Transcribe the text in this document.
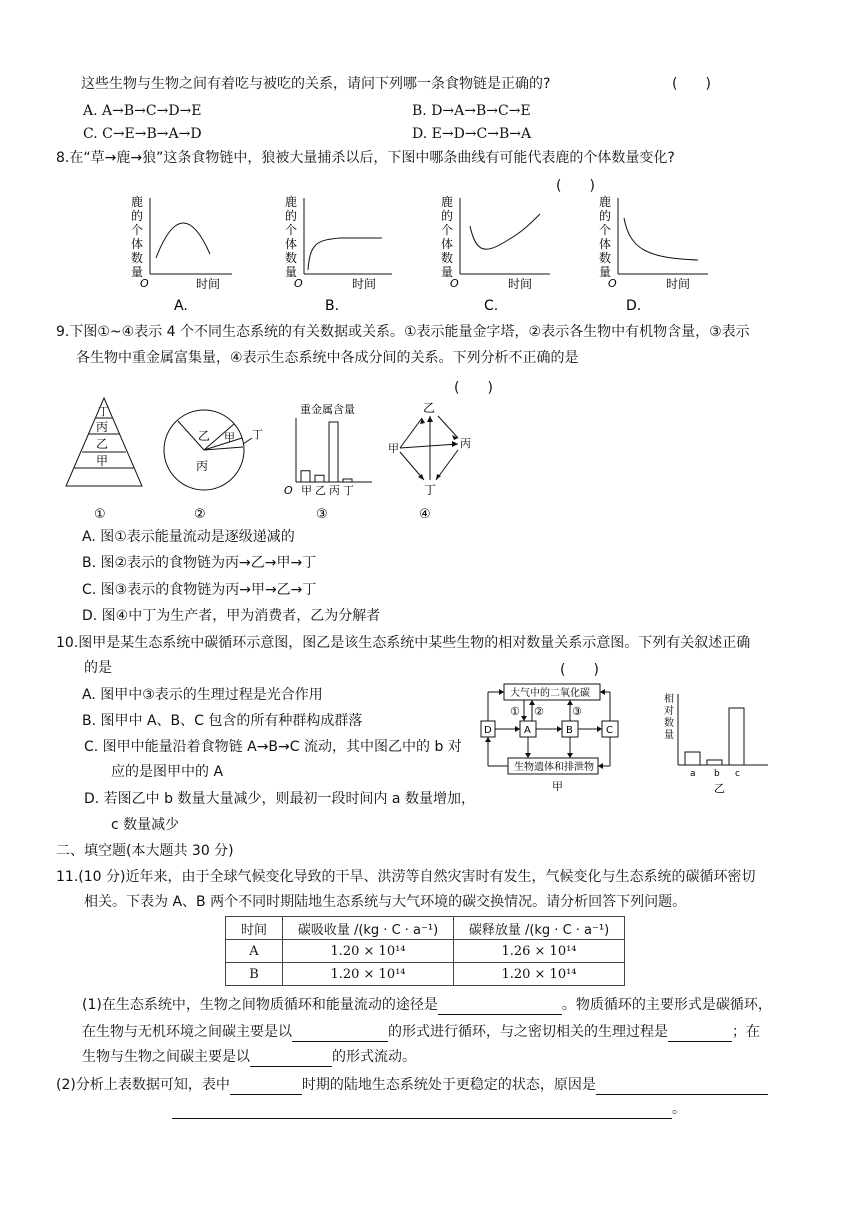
这些生物与生物之间有着吃与被吃的关系，请问下列哪一条食物链是正确的?	(　　)
A. A→B→C→D→E	B. D→A→B→C→E
C. C→E→B→A→D	D. E→D→C→B→A
8.在“草→鹿→狼”这条食物链中，狼被大量捕杀以后，下图中哪条曲线有可能代表鹿的个体数量变化?
(　　)
鹿
的
个
体
数
量
O	时间
A.
鹿
的
个
体
数
量
O	时间
B.
鹿
的
个
体
数
量
O	时间
C.
鹿
的
个
体
数
量
O	时间
D.
9.下图①~④表示 4 个不同生态系统的有关数据或关系。①表示能量金字塔，②表示各生物中有机物含量，③表示
各生物中重金属富集量，④表示生态系统中各成分间的关系。下列分析不正确的是
(　　)
丁
丙
乙
甲
①
乙 甲 丁
丙
②
重金属含量
O 甲 乙 丙 丁
③
乙
甲	丙
丁
④
A. 图①表示能量流动是逐级递减的
B. 图②表示的食物链为丙→乙→甲→丁
C. 图③表示的食物链为丙→甲→乙→丁
D. 图④中丁为生产者，甲为消费者，乙为分解者
10.图甲是某生态系统中碳循环示意图，图乙是该生态系统中某些生物的相对数量关系示意图。下列有关叙述正确
的是	(　　)
A. 图甲中③表示的生理过程是光合作用
B. 图甲中 A、B、C 包含的所有种群构成群落
C. 图甲中能量沿着食物链 A→B→C 流动，其中图乙中的 b 对
应的是图甲中的 A
D. 若图乙中 b 数量大量减少，则最初一段时间内 a 数量增加，
c 数量减少
大气中的二氧化碳
生物遗体和排泄物
D	A	B	C
① ②	③
甲
相
对
数
量
a b c
乙
二、填空题(本大题共 30 分)
11.(10 分)近年来，由于全球气候变化导致的干旱、洪涝等自然灾害时有发生，气候变化与生态系统的碳循环密切
相关。下表为 A、B 两个不同时期陆地生态系统与大气环境的碳交换情况。请分析回答下列问题。
时间	碳吸收量 /(kg · C · a⁻¹)	碳释放量 /(kg · C · a⁻¹)
A	1.20 × 10¹⁴	1.26 × 10¹⁴
B	1.20 × 10¹⁴	1.20 × 10¹⁴
(1)在生态系统中，生物之间物质循环和能量流动的途径是	。物质循环的主要形式是碳循环，
在生物与无机环境之间碳主要是以	的形式进行循环，与之密切相关的生理过程是	；在
生物与生物之间碳主要是以	的形式流动。
(2)分析上表数据可知，表中	时期的陆地生态系统处于更稳定的状态，原因是
。
